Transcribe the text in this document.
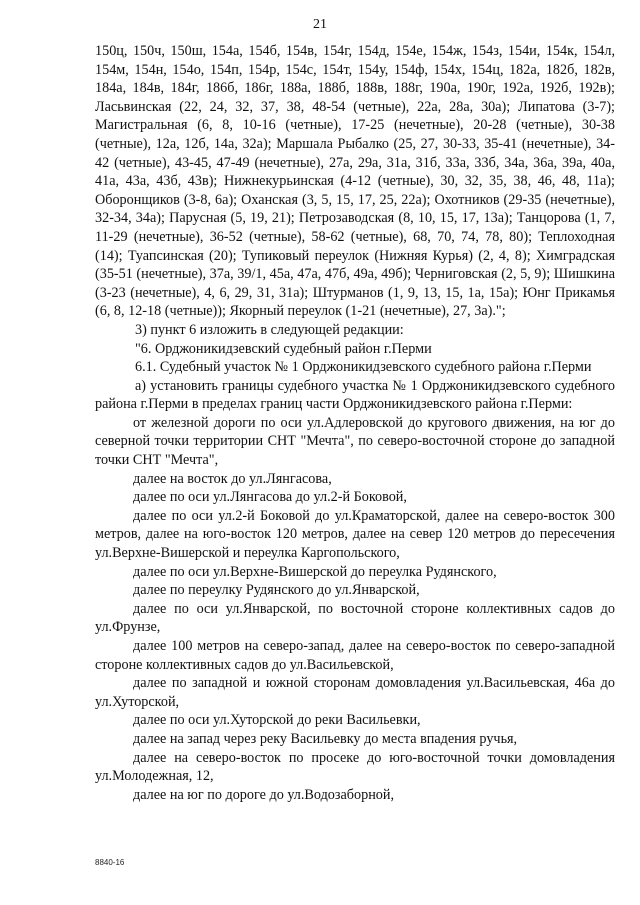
21

150ц, 150ч, 150ш, 154а, 154б, 154в, 154г, 154д, 154е, 154ж, 154з, 154и, 154к, 154л, 154м, 154н, 154о, 154п, 154р, 154с, 154т, 154у, 154ф, 154х, 154ц, 182а, 182б, 182в, 184а, 184в, 184г, 186б, 186г, 188а, 188б, 188в, 188г, 190а, 190г, 192а, 192б, 192в); Ласьвинская (22, 24, 32, 37, 38, 48-54 (четные), 22а, 28а, 30а); Липатова (3-7); Магистральная (6, 8, 10-16 (четные), 17-25 (нечетные), 20-28 (четные), 30-38 (четные), 12а, 12б, 14а, 32а); Маршала Рыбалко (25, 27, 30-33, 35-41 (нечетные), 34-42 (четные), 43-45, 47-49 (нечетные), 27а, 29а, 31а, 31б, 33а, 33б, 34а, 36а, 39а, 40а, 41а, 43а, 43б, 43в); Нижнекурьинская (4-12 (четные), 30, 32, 35, 38, 46, 48, 11а); Оборонщиков (3-8, 6а); Оханская (3, 5, 15, 17, 25, 22а); Охотников (29-35 (нечетные), 32-34, 34а); Парусная (5, 19, 21); Петрозаводская (8, 10, 15, 17, 13а); Танцорова (1, 7, 11-29 (нечетные), 36-52 (четные), 58-62 (четные), 68, 70, 74, 78, 80); Теплоходная (14); Туапсинская (20); Тупиковый переулок (Нижняя Курья) (2, 4, 8); Химградская (35-51 (нечетные), 37а, 39/1, 45а, 47а, 47б, 49а, 49б); Черниговская (2, 5, 9); Шишкина (3-23 (нечетные), 4, 6, 29, 31, 31а); Штурманов (1, 9, 13, 15, 1а, 15а); Юнг Прикамья (6, 8, 12-18 (четные)); Якорный переулок (1-21 (нечетные), 27, 3а).";

3) пункт 6 изложить в следующей редакции:

"6. Орджоникидзевский судебный район г.Перми

6.1. Судебный участок № 1 Орджоникидзевского судебного района г.Перми

а) установить границы судебного участка № 1 Орджоникидзевского судебного района г.Перми в пределах границ части Орджоникидзевского района г.Перми:

от железной дороги по оси ул.Адлеровской до кругового движения, на юг до северной точки территории СНТ "Мечта", по северо-восточной стороне до западной точки СНТ "Мечта",

далее на восток до ул.Лянгасова,

далее по оси ул.Лянгасова до ул.2-й Боковой,

далее по оси ул.2-й Боковой до ул.Краматорской, далее на северо-восток 300 метров, далее на юго-восток 120 метров, далее на север 120 метров до пересечения ул.Верхне-Вишерской и переулка Каргопольского,

далее по оси ул.Верхне-Вишерской до переулка Рудянского,

далее по переулку Рудянского до ул.Январской,

далее по оси ул.Январской, по восточной стороне коллективных садов до ул.Фрунзе,

далее 100 метров на северо-запад, далее на северо-восток по северо-западной стороне коллективных садов до ул.Васильевской,

далее по западной и южной сторонам домовладения ул.Васильевская, 46а до ул.Хуторской,

далее по оси ул.Хуторской до реки Васильевки,

далее на запад через реку Васильевку до места впадения ручья,

далее на северо-восток по просеке до юго-восточной точки домовладения ул.Молодежная, 12,

далее на юг по дороге до ул.Водозаборной,

8840-16
